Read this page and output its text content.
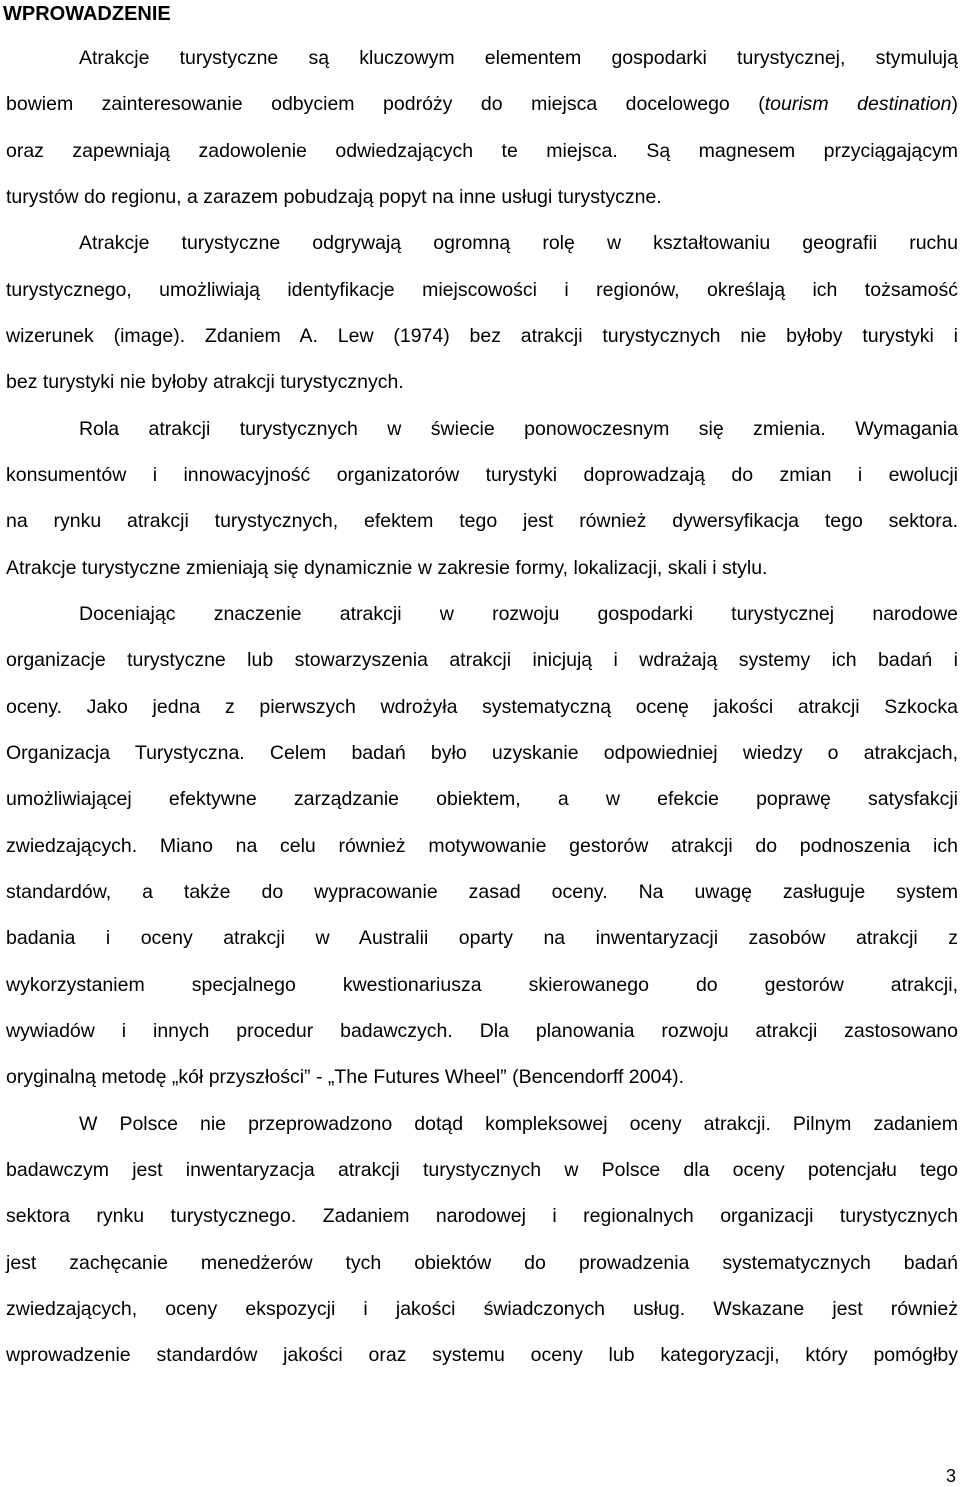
WPROWADZENIE
Atrakcje turystyczne są kluczowym elementem gospodarki turystycznej, stymulują
bowiem zainteresowanie odbyciem podróży do miejsca docelowego (tourism destination)
oraz zapewniają zadowolenie odwiedzających te miejsca. Są magnesem przyciągającym
turystów do regionu, a zarazem pobudzają popyt na inne usługi turystyczne.
Atrakcje turystyczne odgrywają ogromną rolę w kształtowaniu geografii ruchu
turystycznego, umożliwiają identyfikacje miejscowości i regionów, określają ich tożsamość
wizerunek (image). Zdaniem A. Lew (1974) bez atrakcji turystycznych nie byłoby turystyki i
bez turystyki nie byłoby atrakcji turystycznych.
Rola atrakcji turystycznych w świecie ponowoczesnym się zmienia. Wymagania
konsumentów i innowacyjność organizatorów turystyki doprowadzają do zmian i ewolucji
na rynku atrakcji turystycznych, efektem tego jest również dywersyfikacja tego sektora.
Atrakcje turystyczne zmieniają się dynamicznie w zakresie formy, lokalizacji, skali i stylu.
Doceniając znaczenie atrakcji w rozwoju gospodarki turystycznej narodowe
organizacje turystyczne lub stowarzyszenia atrakcji inicjują i wdrażają systemy ich badań i
oceny. Jako jedna z pierwszych wdrożyła systematyczną ocenę jakości atrakcji Szkocka
Organizacja Turystyczna. Celem badań było uzyskanie odpowiedniej wiedzy o atrakcjach,
umożliwiającej efektywne zarządzanie obiektem, a w efekcie poprawę satysfakcji
zwiedzających. Miano na celu również motywowanie gestorów atrakcji do podnoszenia ich
standardów, a także do wypracowanie zasad oceny. Na uwagę zasługuje system
badania i oceny atrakcji w Australii oparty na inwentaryzacji zasobów atrakcji z
wykorzystaniem specjalnego kwestionariusza skierowanego do gestorów atrakcji,
wywiadów i innych procedur badawczych. Dla planowania rozwoju atrakcji zastosowano
oryginalną metodę „kół przyszłości” - „The Futures Wheel” (Bencendorff 2004).
W Polsce nie przeprowadzono dotąd kompleksowej oceny atrakcji. Pilnym zadaniem
badawczym jest inwentaryzacja atrakcji turystycznych w Polsce dla oceny potencjału tego
sektora rynku turystycznego. Zadaniem narodowej i regionalnych organizacji turystycznych
jest zachęcanie menedżerów tych obiektów do prowadzenia systematycznych badań
zwiedzających, oceny ekspozycji i jakości świadczonych usług. Wskazane jest również
wprowadzenie standardów jakości oraz systemu oceny lub kategoryzacji, który pomógłby
3
